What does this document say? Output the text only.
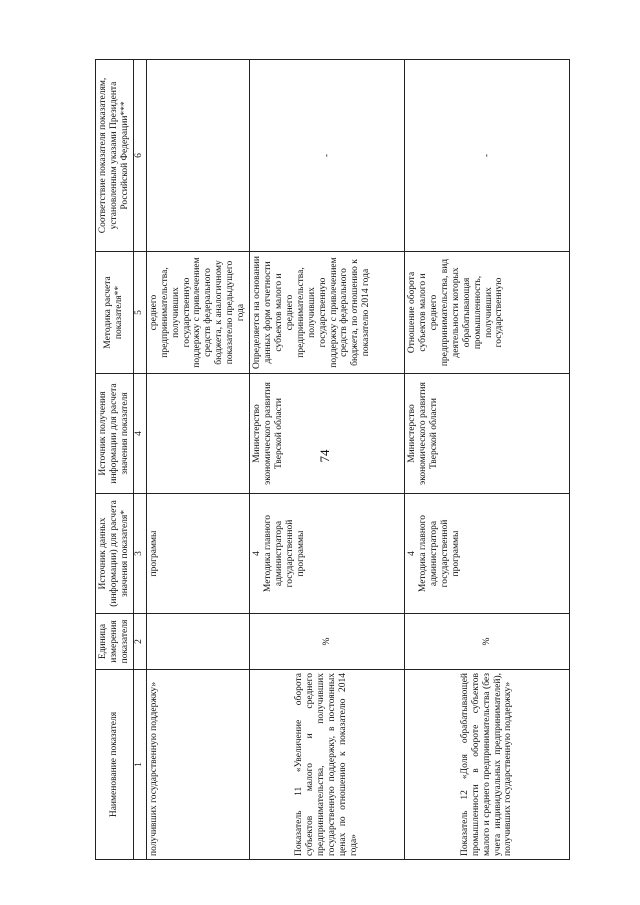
74
Наименование показателя	Единица измерения показателя	Источник данных (информации) для расчета значения показателя*	Источник получения информации для расчета значения показателя	Методика расчета показателя**	Соответствие показателя показателям, установленным указами Президента Российской Федерации***
1	2	3	4	5	6
получивших государственную поддержку»		программы		среднего предпринимательства, получивших государственную поддержку с привлечением средств федерального бюджета, к аналогичному показателю предыдущего года	
Показатель 11 «Увеличение оборота субъектов малого и среднего предпринимательства, получивших государственную поддержку, в постоянных ценах по отношению к показателю 2014 года»	%	4 Методика главного администратора государственной программы	Министерство экономического развития Тверской области	Определяется на основании данных форм отчетности субъектов малого и среднего предпринимательства, получивших государственную поддержку с привлечением средств федерального бюджета, по отношению к показателю 2014 года	-
Показатель 12 «Доля обрабатывающей промышленности в обороте субъектов малого и среднего предпринимательства (без учета индивидуальных предпринимателей), получивших государственную поддержку»	%	4 Методика главного администратора государственной программы	Министерство экономического развития Тверской области	Отношение оборота субъектов малого и среднего предпринимательства, вид деятельности которых обрабатывающая промышленность, получивших государственную	-
